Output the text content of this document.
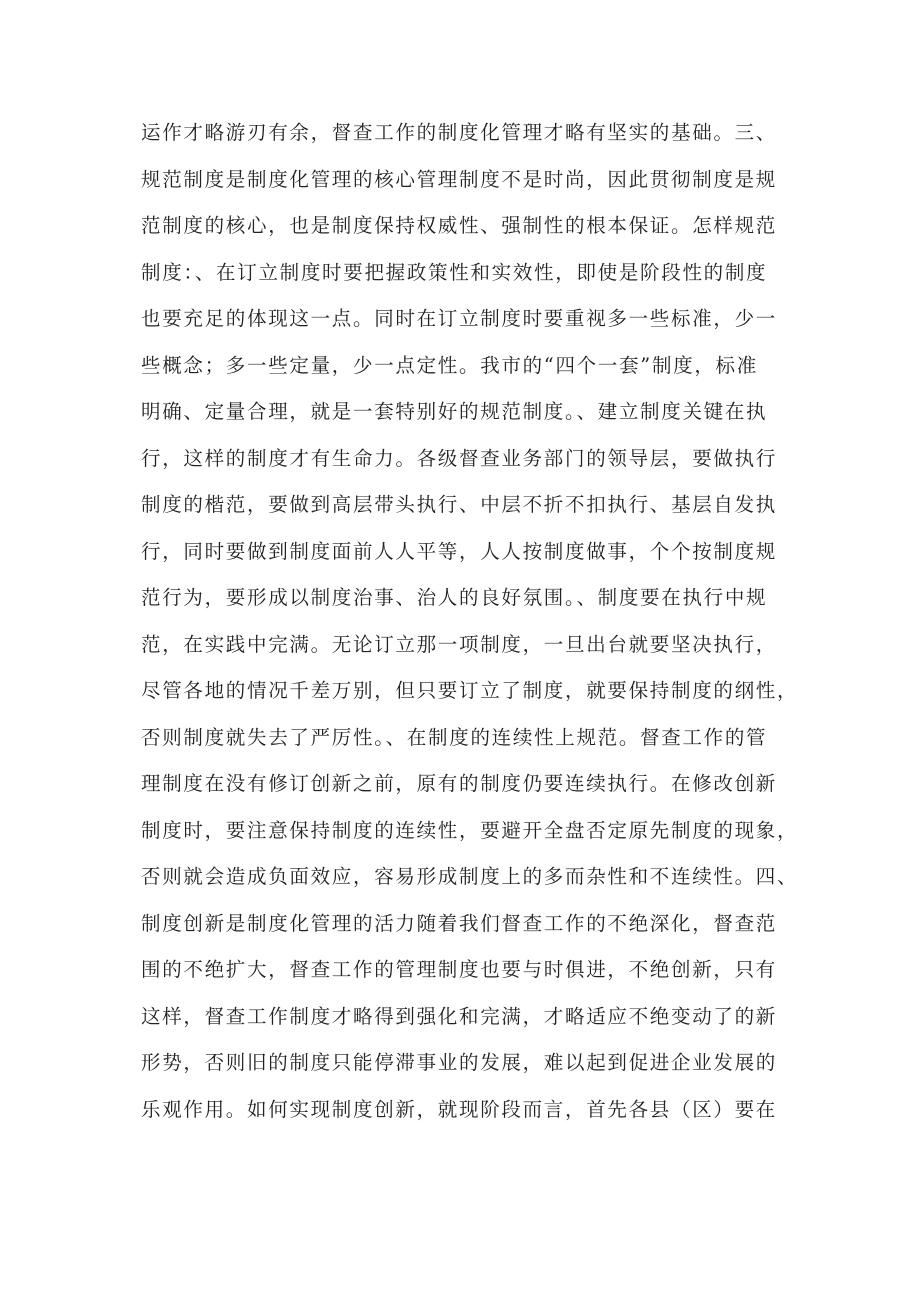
运作才略游刃有余，督查工作的制度化管理才略有坚实的基础。三、
规范制度是制度化管理的核心管理制度不是时尚，因此贯彻制度是规
范制度的核心，也是制度保持权威性、强制性的根本保证。怎样规范
制度：、在订立制度时要把握政策性和实效性，即使是阶段性的制度
也要充足的体现这一点。同时在订立制度时要重视多一些标准，少一
些概念；多一些定量，少一点定性。我市的“四个一套”制度，标准
明确、定量合理，就是一套特别好的规范制度。、建立制度关键在执
行，这样的制度才有生命力。各级督查业务部门的领导层，要做执行
制度的楷范，要做到高层带头执行、中层不折不扣执行、基层自发执
行，同时要做到制度面前人人平等，人人按制度做事，个个按制度规
范行为，要形成以制度治事、治人的良好氛围。、制度要在执行中规
范，在实践中完满。无论订立那一项制度，一旦出台就要坚决执行，
尽管各地的情况千差万别，但只要订立了制度，就要保持制度的纲性，
否则制度就失去了严厉性。、在制度的连续性上规范。督查工作的管
理制度在没有修订创新之前，原有的制度仍要连续执行。在修改创新
制度时，要注意保持制度的连续性，要避开全盘否定原先制度的现象，
否则就会造成负面效应，容易形成制度上的多而杂性和不连续性。四、
制度创新是制度化管理的活力随着我们督查工作的不绝深化，督查范
围的不绝扩大，督查工作的管理制度也要与时俱进，不绝创新，只有
这样，督查工作制度才略得到强化和完满，才略适应不绝变动了的新
形势，否则旧的制度只能停滞事业的发展，难以起到促进企业发展的
乐观作用。如何实现制度创新，就现阶段而言，首先各县（区）要在
